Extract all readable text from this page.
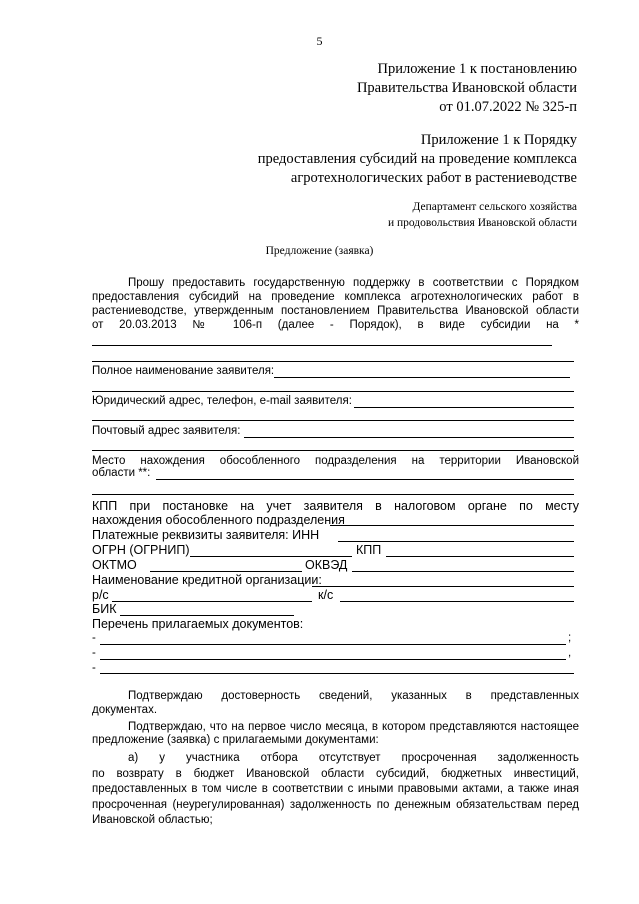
5
Приложение 1 к постановлению
Правительства Ивановской области
от 01.07.2022 № 325-п
Приложение 1 к Порядку
предоставления субсидий на проведение комплекса
агротехнологических работ в растениеводстве
Департамент сельского хозяйства
и продовольствия Ивановской области
Предложение (заявка)
Прошу предоставить государственную поддержку в соответствии с Порядком
предоставления субсидий на проведение комплекса агротехнологических работ в
растениеводстве, утвержденным постановлением Правительства Ивановской области
от 20.03.2013 № 106-п (далее - Порядок), в виде субсидии на *
Полное наименование заявителя:
Юридический адрес, телефон, e-mail заявителя:
Почтовый адрес заявителя:
Место нахождения обособленного подразделения на территории Ивановской
области **:
КПП при постановке на учет заявителя в налоговом органе по месту
нахождения обособленного подразделения
Платежные реквизиты заявителя: ИНН
ОГРН (ОГРНИП)	КПП
ОКТМО	ОКВЭД
Наименование кредитной организации:
р/с	к/с
БИК
Перечень прилагаемых документов:
-	;
-	,
-
Подтверждаю достоверность сведений, указанных в представленных
документах.
Подтверждаю, что на первое число месяца, в котором представляются настоящее
предложение (заявка) с прилагаемыми документами:
а) у участника отбора отсутствует просроченная задолженность
по возврату в бюджет Ивановской области субсидий, бюджетных инвестиций,
предоставленных в том числе в соответствии с иными правовыми актами, а также иная
просроченная (неурегулированная) задолженность по денежным обязательствам перед
Ивановской областью;
